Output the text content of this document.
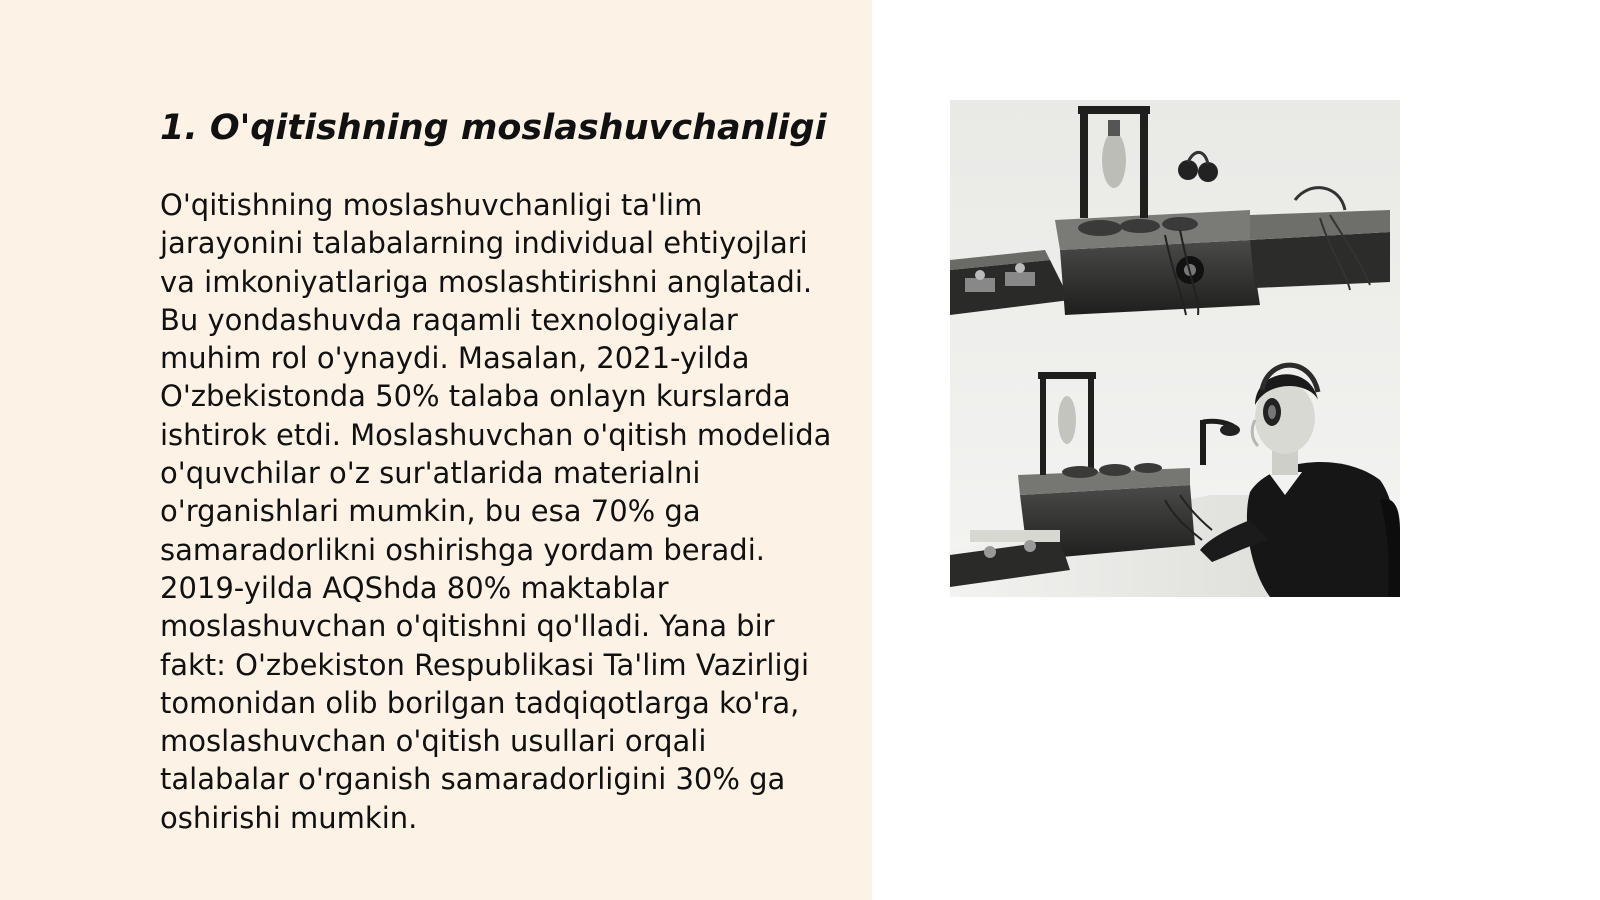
1. O'qitishning moslashuvchanligi

O'qitishning moslashuvchanligi ta'lim jarayonini talabalarning individual ehtiyojlari va imkoniyatlariga moslashtirishni anglatadi. Bu yondashuvda raqamli texnologiyalar muhim rol o'ynaydi. Masalan, 2021-yilda O'zbekistonda 50% talaba onlayn kurslarda ishtirok etdi. Moslashuvchan o'qitish modelida o'quvchilar o'z sur'atlarida materialni o'rganishlari mumkin, bu esa 70% ga samaradorlikni oshirishga yordam beradi. 2019-yilda AQShda 80% maktablar moslashuvchan o'qitishni qo'lladi. Yana bir fakt: O'zbekiston Respublikasi Ta'lim Vazirligi tomonidan olib borilgan tadqiqotlarga ko'ra, moslashuvchan o'qitish usullari orqali talabalar o'rganish samaradorligini 30% ga oshirishi mumkin.
